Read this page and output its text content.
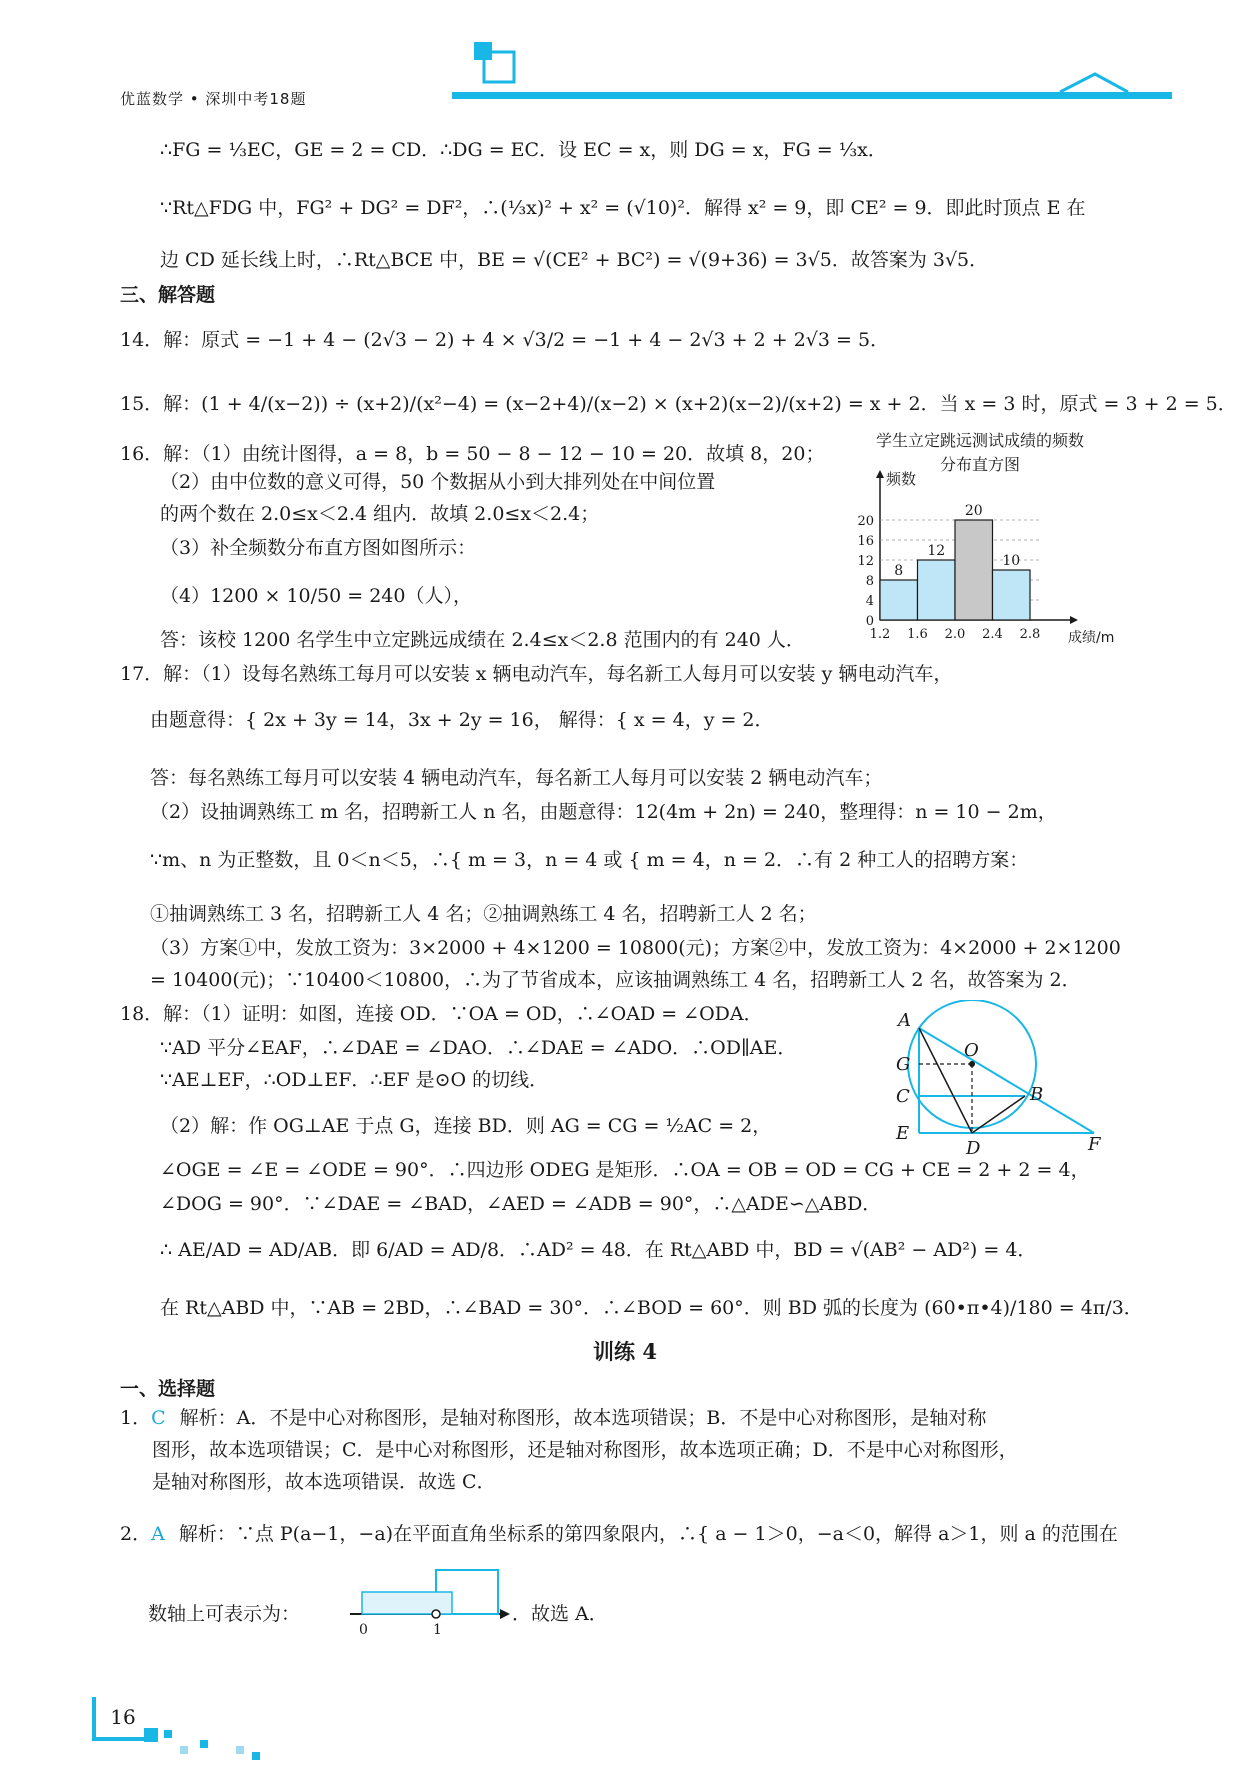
优蓝数学 • 深圳中考18题
∴FG = ⅓EC，GE = 2 = CD．∴DG = EC．设 EC = x，则 DG = x，FG = ⅓x．
∵Rt△FDG 中，FG² + DG² = DF²，∴(⅓x)² + x² = (√10)²．解得 x² = 9，即 CE² = 9．即此时顶点 E 在
边 CD 延长线上时，∴Rt△BCE 中，BE = √(CE² + BC²) = √(9+36) = 3√5．故答案为 3√5．
三、解答题
14．解：原式 = −1 + 4 − (2√3 − 2) + 4 × √3/2 = −1 + 4 − 2√3 + 2 + 2√3 = 5．
15．解：(1 + 4/(x−2)) ÷ (x+2)/(x²−4) = (x−2+4)/(x−2) × (x+2)(x−2)/(x+2) = x + 2．当 x = 3 时，原式 = 3 + 2 = 5．
16．解：（1）由统计图得，a = 8，b = 50 − 8 − 12 − 10 = 20．故填 8，20；
（2）由中位数的意义可得，50 个数据从小到大排列处在中间位置
的两个数在 2.0≤x＜2.4 组内．故填 2.0≤x＜2.4；
（3）补全频数分布直方图如图所示：
（4）1200 × 10/50 = 240（人），
答：该校 1200 名学生中立定跳远成绩在 2.4≤x＜2.8 范围内的有 240 人．
学生立定跳远测试成绩的频数
分布直方图
0
4
8
12
16
20
1.2 1.6 2.0 2.4 2.8
8
12
20
10
频数
成绩/m
17．解：（1）设每名熟练工每月可以安装 x 辆电动汽车，每名新工人每月可以安装 y 辆电动汽车，
由题意得：{ 2x + 3y = 14，3x + 2y = 16， 解得：{ x = 4，y = 2．
答：每名熟练工每月可以安装 4 辆电动汽车，每名新工人每月可以安装 2 辆电动汽车；
（2）设抽调熟练工 m 名，招聘新工人 n 名，由题意得：12(4m + 2n) = 240，整理得：n = 10 − 2m，
∵m、n 为正整数，且 0＜n＜5，∴{ m = 3，n = 4 或 { m = 4，n = 2．∴有 2 种工人的招聘方案：
①抽调熟练工 3 名，招聘新工人 4 名；②抽调熟练工 4 名，招聘新工人 2 名；
（3）方案①中，发放工资为：3×2000 + 4×1200 = 10800(元)；方案②中，发放工资为：4×2000 + 2×1200
= 10400(元)；∵10400＜10800，∴为了节省成本，应该抽调熟练工 4 名，招聘新工人 2 名，故答案为 2．
18．解：（1）证明：如图，连接 OD．∵OA = OD，∴∠OAD = ∠ODA．
∵AD 平分∠EAF，∴∠DAE = ∠DAO．∴∠DAE = ∠ADO．∴OD∥AE．
∵AE⊥EF，∴OD⊥EF．∴EF 是⊙O 的切线．
（2）解：作 OG⊥AE 于点 G，连接 BD．则 AG = CG = ½AC = 2，
∠OGE = ∠E = ∠ODE = 90°．∴四边形 ODEG 是矩形．∴OA = OB = OD = CG + CE = 2 + 2 = 4，
∠DOG = 90°．∵∠DAE = ∠BAD，∠AED = ∠ADB = 90°，∴△ADE∽△ABD．
∴ AE/AD = AD/AB．即 6/AD = AD/8．∴AD² = 48．在 Rt△ABD 中，BD = √(AB² − AD²) = 4．
在 Rt△ABD 中，∵AB = 2BD，∴∠BAD = 30°．∴∠BOD = 60°．则 BD 弧的长度为 (60•π•4)/180 = 4π/3．
A
O
G
C	B
E
D	F
训练 4
一、选择题
1．C 解析：A．不是中心对称图形，是轴对称图形，故本选项错误；B．不是中心对称图形，是轴对称
图形，故本选项错误；C．是中心对称图形，还是轴对称图形，故本选项正确；D．不是中心对称图形，
是轴对称图形，故本选项错误．故选 C．
2．A 解析：∵点 P(a−1，−a)在平面直角坐标系的第四象限内，∴{ a − 1＞0，−a＜0，解得 a＞1，则 a 的范围在
数轴上可表示为：
0	1
．故选 A．
16
